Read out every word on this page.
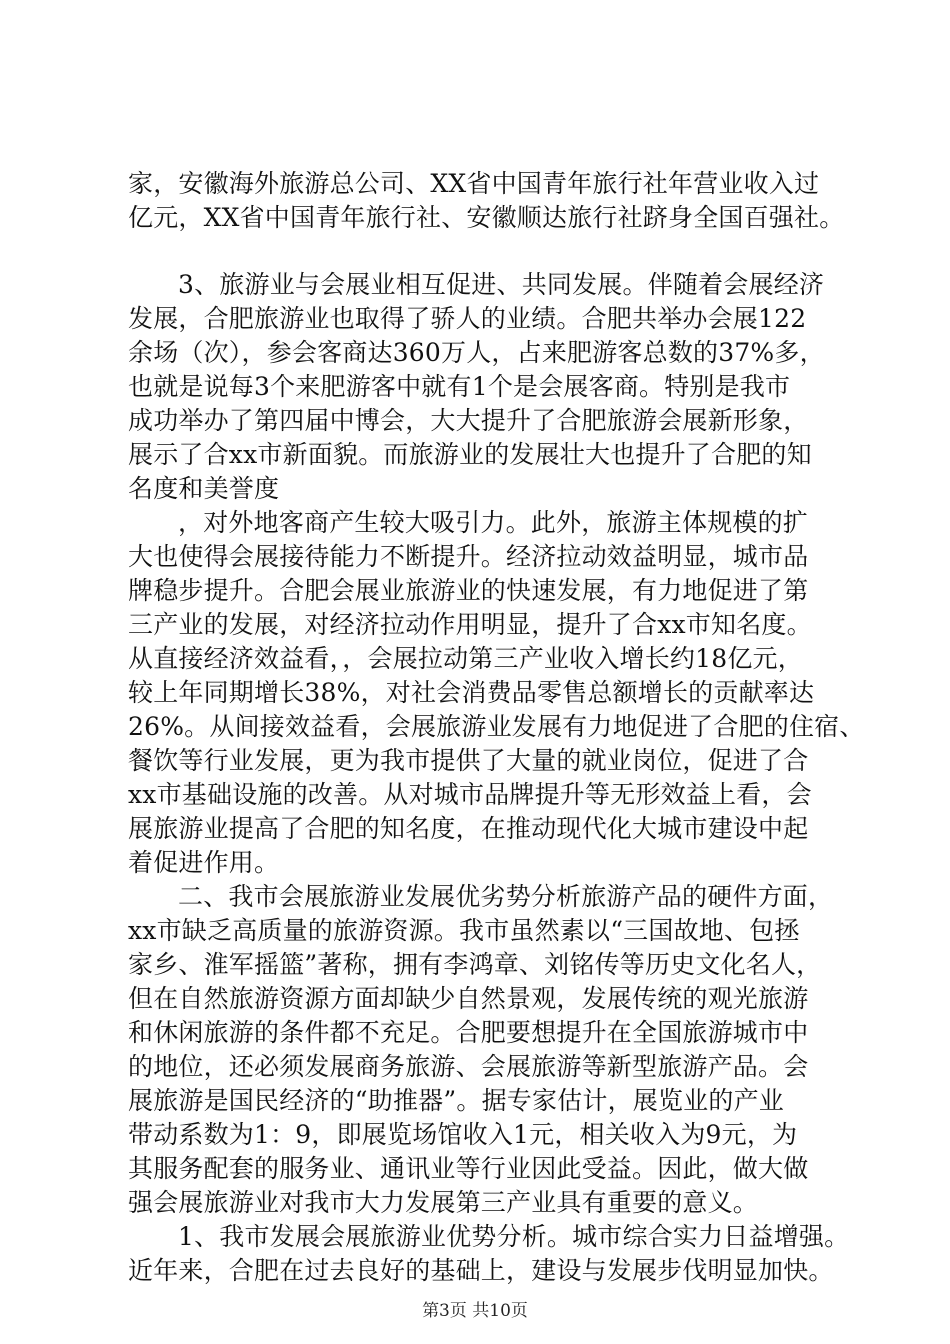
家，安徽海外旅游总公司、XX省中国青年旅行社年营业收入过
亿元，XX省中国青年旅行社、安徽顺达旅行社跻身全国百强社。
3、旅游业与会展业相互促进、共同发展。伴随着会展经济
发展，合肥旅游业也取得了骄人的业绩。合肥共举办会展122
余场（次），参会客商达360万人，占来肥游客总数的37%多，
也就是说每3个来肥游客中就有1个是会展客商。特别是我市
成功举办了第四届中博会，大大提升了合肥旅游会展新形象，
展示了合xx市新面貌。而旅游业的发展壮大也提升了合肥的知
名度和美誉度
，对外地客商产生较大吸引力。此外，旅游主体规模的扩
大也使得会展接待能力不断提升。经济拉动效益明显，城市品
牌稳步提升。合肥会展业旅游业的快速发展，有力地促进了第
三产业的发展，对经济拉动作用明显，提升了合xx市知名度。
从直接经济效益看，，会展拉动第三产业收入增长约18亿元，
较上年同期增长38%，对社会消费品零售总额增长的贡献率达
26%。从间接效益看，会展旅游业发展有力地促进了合肥的住宿、
餐饮等行业发展，更为我市提供了大量的就业岗位，促进了合
xx市基础设施的改善。从对城市品牌提升等无形效益上看，会
展旅游业提高了合肥的知名度，在推动现代化大城市建设中起
着促进作用。
二、我市会展旅游业发展优劣势分析旅游产品的硬件方面，
xx市缺乏高质量的旅游资源。我市虽然素以“三国故地、包拯
家乡、淮军摇篮”著称，拥有李鸿章、刘铭传等历史文化名人，
但在自然旅游资源方面却缺少自然景观，发展传统的观光旅游
和休闲旅游的条件都不充足。合肥要想提升在全国旅游城市中
的地位，还必须发展商务旅游、会展旅游等新型旅游产品。会
展旅游是国民经济的“助推器”。据专家估计，展览业的产业
带动系数为1：9，即展览场馆收入1元，相关收入为9元，为
其服务配套的服务业、通讯业等行业因此受益。因此，做大做
强会展旅游业对我市大力发展第三产业具有重要的意义。
1、我市发展会展旅游业优势分析。城市综合实力日益增强。
近年来，合肥在过去良好的基础上，建设与发展步伐明显加快。
第3页 共10页
